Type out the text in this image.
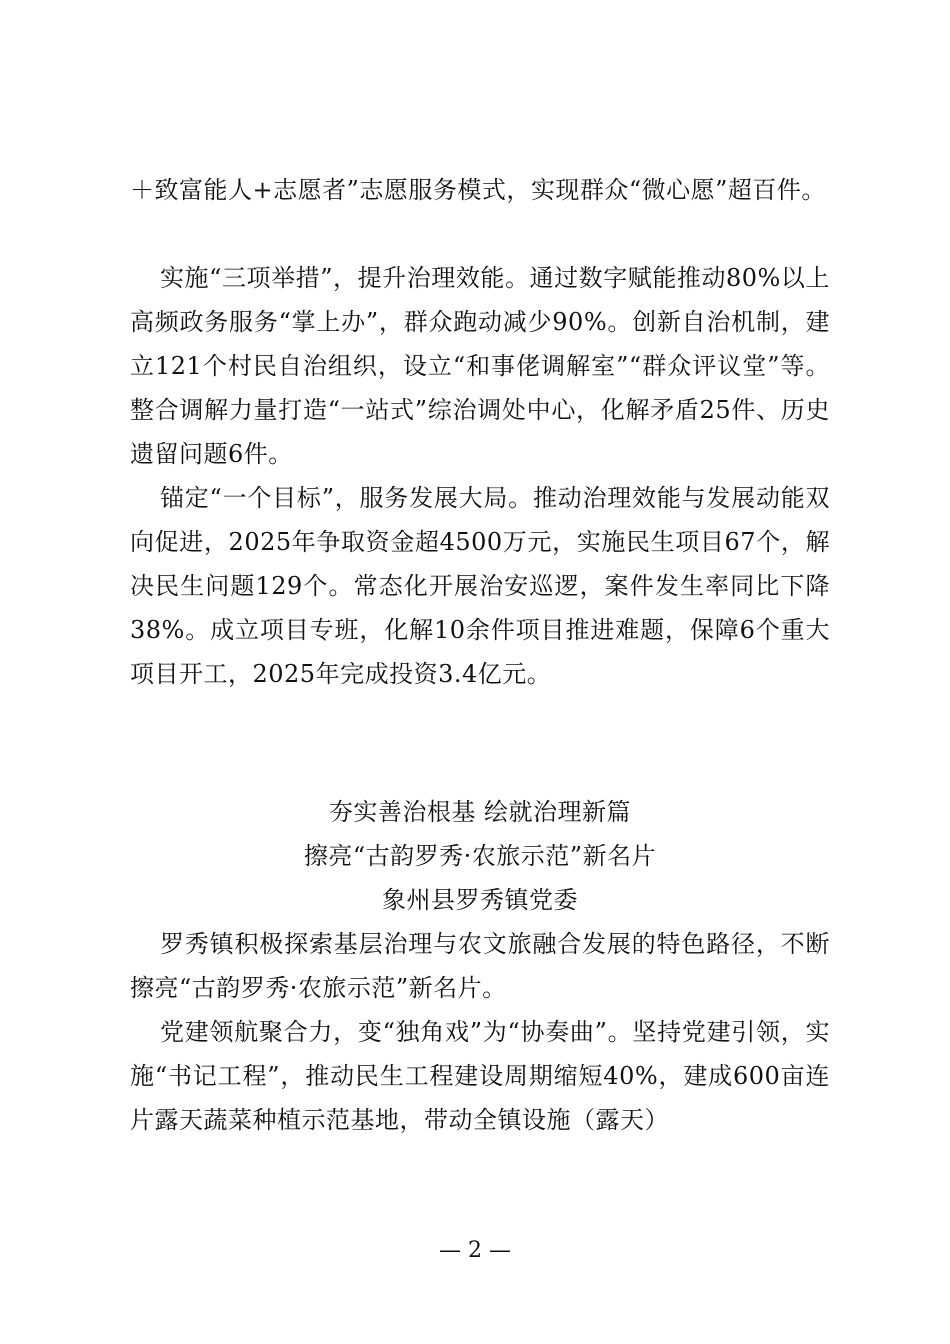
＋致富能人+志愿者”志愿服务模式，实现群众“微心愿”超百件。

实施“三项举措”，提升治理效能。通过数字赋能推动80%以上高频政务服务“掌上办”，群众跑动减少90%。创新自治机制，建立121个村民自治组织，设立“和事佬调解室”“群众评议堂”等。整合调解力量打造“一站式”综治调处中心，化解矛盾25件、历史遗留问题6件。

锚定“一个目标”，服务发展大局。推动治理效能与发展动能双向促进，2025年争取资金超4500万元，实施民生项目67个，解决民生问题129个。常态化开展治安巡逻，案件发生率同比下降38%。成立项目专班，化解10余件项目推进难题，保障6个重大项目开工，2025年完成投资3.4亿元。

夯实善治根基 绘就治理新篇
擦亮“古韵罗秀·农旅示范”新名片
象州县罗秀镇党委

罗秀镇积极探索基层治理与农文旅融合发展的特色路径，不断擦亮“古韵罗秀·农旅示范”新名片。

党建领航聚合力，变“独角戏”为“协奏曲”。坚持党建引领，实施“书记工程”，推动民生工程建设周期缩短40%，建成600亩连片露天蔬菜种植示范基地，带动全镇设施（露天）

— 2 —
